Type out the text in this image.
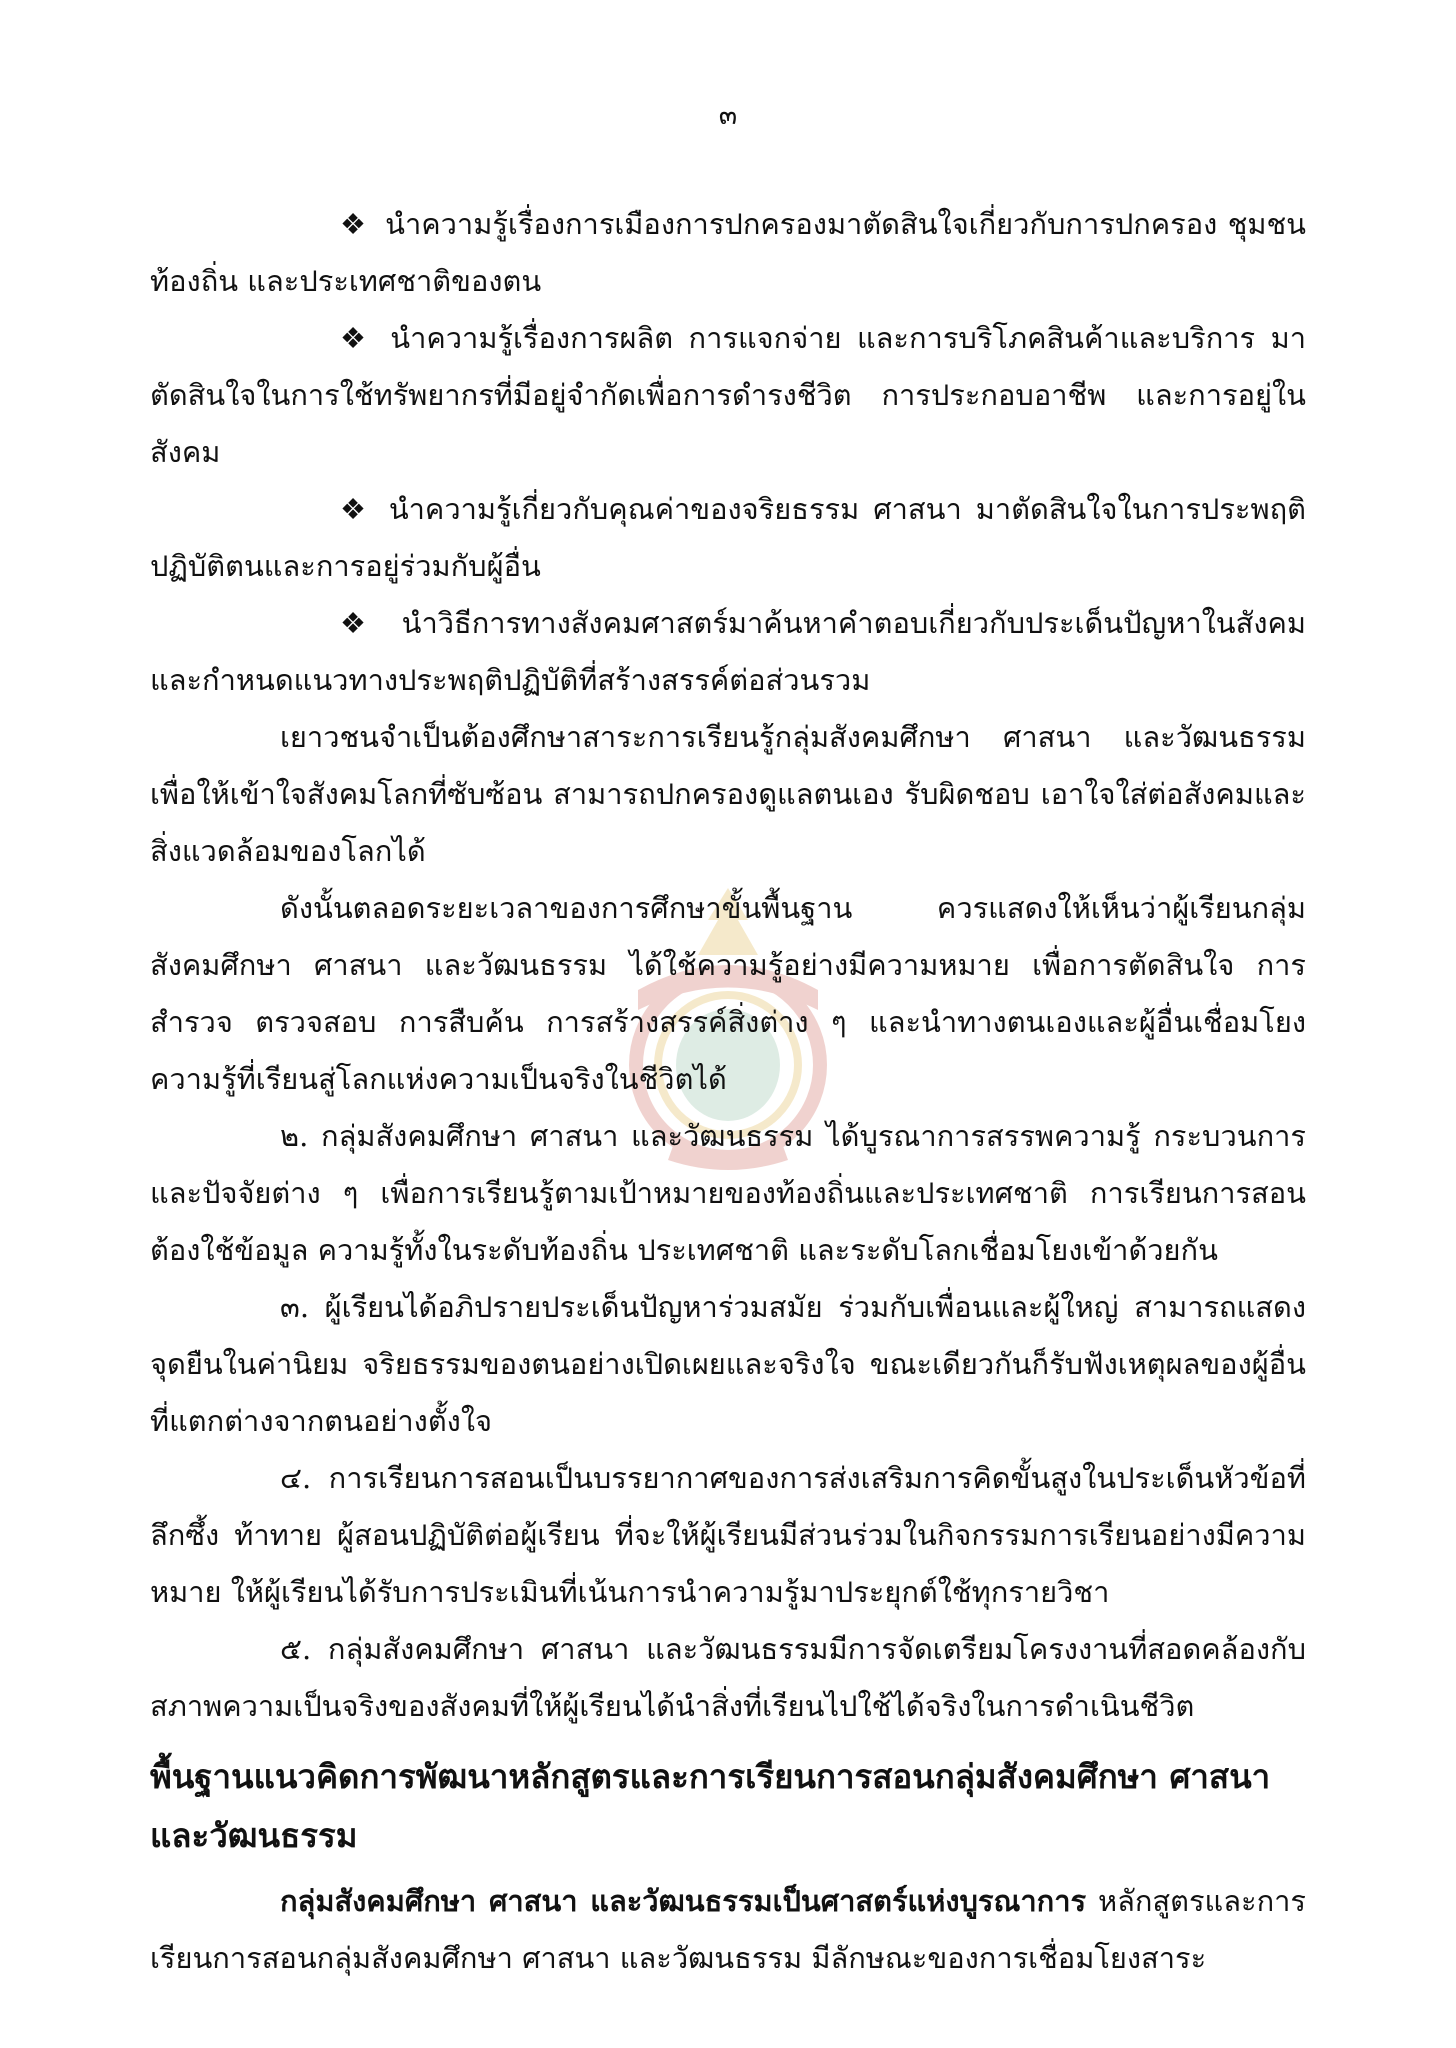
๓

❖ นำความรู้เรื่องการเมืองการปกครองมาตัดสินใจเกี่ยวกับการปกครอง ชุมชนท้องถิ่น และประเทศชาติของตน

❖ นำความรู้เรื่องการผลิต การแจกจ่าย และการบริโภคสินค้าและบริการ มาตัดสินใจในการใช้ทรัพยากรที่มีอยู่จำกัดเพื่อการดำรงชีวิต การประกอบอาชีพ และการอยู่ในสังคม

❖ นำความรู้เกี่ยวกับคุณค่าของจริยธรรม ศาสนา มาตัดสินใจในการประพฤติปฏิบัติตนและการอยู่ร่วมกับผู้อื่น

❖ นำวิธีการทางสังคมศาสตร์มาค้นหาคำตอบเกี่ยวกับประเด็นปัญหาในสังคมและกำหนดแนวทางประพฤติปฏิบัติที่สร้างสรรค์ต่อส่วนรวม

เยาวชนจำเป็นต้องศึกษาสาระการเรียนรู้กลุ่มสังคมศึกษา ศาสนา และวัฒนธรรมเพื่อให้เข้าใจสังคมโลกที่ซับซ้อน สามารถปกครองดูแลตนเอง รับผิดชอบ เอาใจใส่ต่อสังคมและสิ่งแวดล้อมของโลกได้

ดังนั้นตลอดระยะเวลาของการศึกษาขั้นพื้นฐาน ควรแสดงให้เห็นว่าผู้เรียนกลุ่มสังคมศึกษา ศาสนา และวัฒนธรรม ได้ใช้ความรู้อย่างมีความหมาย เพื่อการตัดสินใจ การสำรวจ ตรวจสอบ การสืบค้น การสร้างสรรค์สิ่งต่าง ๆ และนำทางตนเองและผู้อื่นเชื่อมโยงความรู้ที่เรียนสู่โลกแห่งความเป็นจริงในชีวิตได้

๒. กลุ่มสังคมศึกษา ศาสนา และวัฒนธรรม ได้บูรณาการสรรพความรู้ กระบวนการ และปัจจัยต่าง ๆ เพื่อการเรียนรู้ตามเป้าหมายของท้องถิ่นและประเทศชาติ การเรียนการสอนต้องใช้ข้อมูล ความรู้ทั้งในระดับท้องถิ่น ประเทศชาติ และระดับโลกเชื่อมโยงเข้าด้วยกัน

๓. ผู้เรียนได้อภิปรายประเด็นปัญหาร่วมสมัย ร่วมกับเพื่อนและผู้ใหญ่ สามารถแสดงจุดยืนในค่านิยม จริยธรรมของตนอย่างเปิดเผยและจริงใจ ขณะเดียวกันก็รับฟังเหตุผลของผู้อื่นที่แตกต่างจากตนอย่างตั้งใจ

๔. การเรียนการสอนเป็นบรรยากาศของการส่งเสริมการคิดขั้นสูงในประเด็นหัวข้อที่ลึกซึ้ง ท้าทาย ผู้สอนปฏิบัติต่อผู้เรียน ที่จะให้ผู้เรียนมีส่วนร่วมในกิจกรรมการเรียนอย่างมีความหมาย ให้ผู้เรียนได้รับการประเมินที่เน้นการนำความรู้มาประยุกต์ใช้ทุกรายวิชา

๕. กลุ่มสังคมศึกษา ศาสนา และวัฒนธรรมมีการจัดเตรียมโครงงานที่สอดคล้องกับสภาพความเป็นจริงของสังคมที่ให้ผู้เรียนได้นำสิ่งที่เรียนไปใช้ได้จริงในการดำเนินชีวิต

พื้นฐานแนวคิดการพัฒนาหลักสูตรและการเรียนการสอนกลุ่มสังคมศึกษา ศาสนา และวัฒนธรรม

กลุ่มสังคมศึกษา ศาสนา และวัฒนธรรมเป็นศาสตร์แห่งบูรณาการ หลักสูตรและการเรียนการสอนกลุ่มสังคมศึกษา ศาสนา และวัฒนธรรม มีลักษณะของการเชื่อมโยงสาระ
